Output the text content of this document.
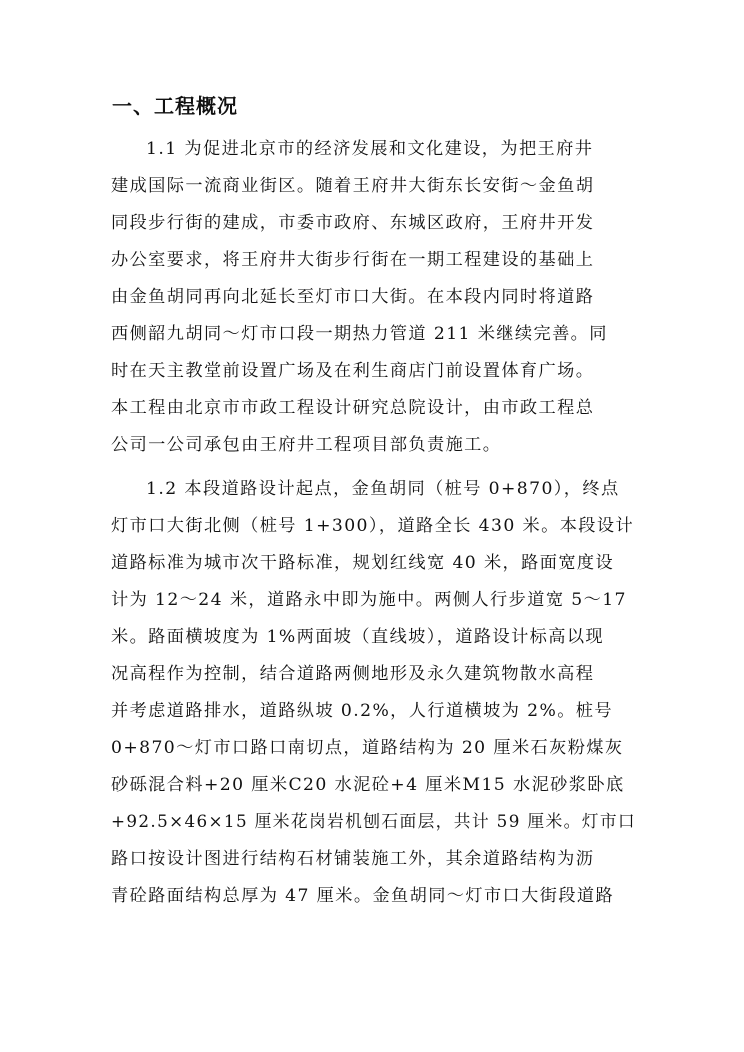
一、工程概况
1.1 为促进北京市的经济发展和文化建设，为把王府井
建成国际一流商业街区。随着王府井大街东长安街～金鱼胡
同段步行街的建成，市委市政府、东城区政府，王府井开发
办公室要求，将王府井大街步行街在一期工程建设的基础上
由金鱼胡同再向北延长至灯市口大街。在本段内同时将道路
西侧韶九胡同～灯市口段一期热力管道 211 米继续完善。同
时在天主教堂前设置广场及在利生商店门前设置体育广场。
本工程由北京市市政工程设计研究总院设计，由市政工程总
公司一公司承包由王府井工程项目部负责施工。
1.2 本段道路设计起点，金鱼胡同（桩号 0+870），终点
灯市口大街北侧（桩号 1+300），道路全长 430 米。本段设计
道路标准为城市次干路标准，规划红线宽 40 米，路面宽度设
计为 12～24 米，道路永中即为施中。两侧人行步道宽 5～17
米。路面横坡度为 1%两面坡（直线坡），道路设计标高以现
况高程作为控制，结合道路两侧地形及永久建筑物散水高程
并考虑道路排水，道路纵坡 0.2%，人行道横坡为 2%。桩号
0+870～灯市口路口南切点，道路结构为 20 厘米石灰粉煤灰
砂砾混合料+20 厘米C20 水泥砼+4 厘米M15 水泥砂浆卧底
+92.5×46×15 厘米花岗岩机刨石面层，共计 59 厘米。灯市口
路口按设计图进行结构石材铺装施工外，其余道路结构为沥
青砼路面结构总厚为 47 厘米。金鱼胡同～灯市口大街段道路
